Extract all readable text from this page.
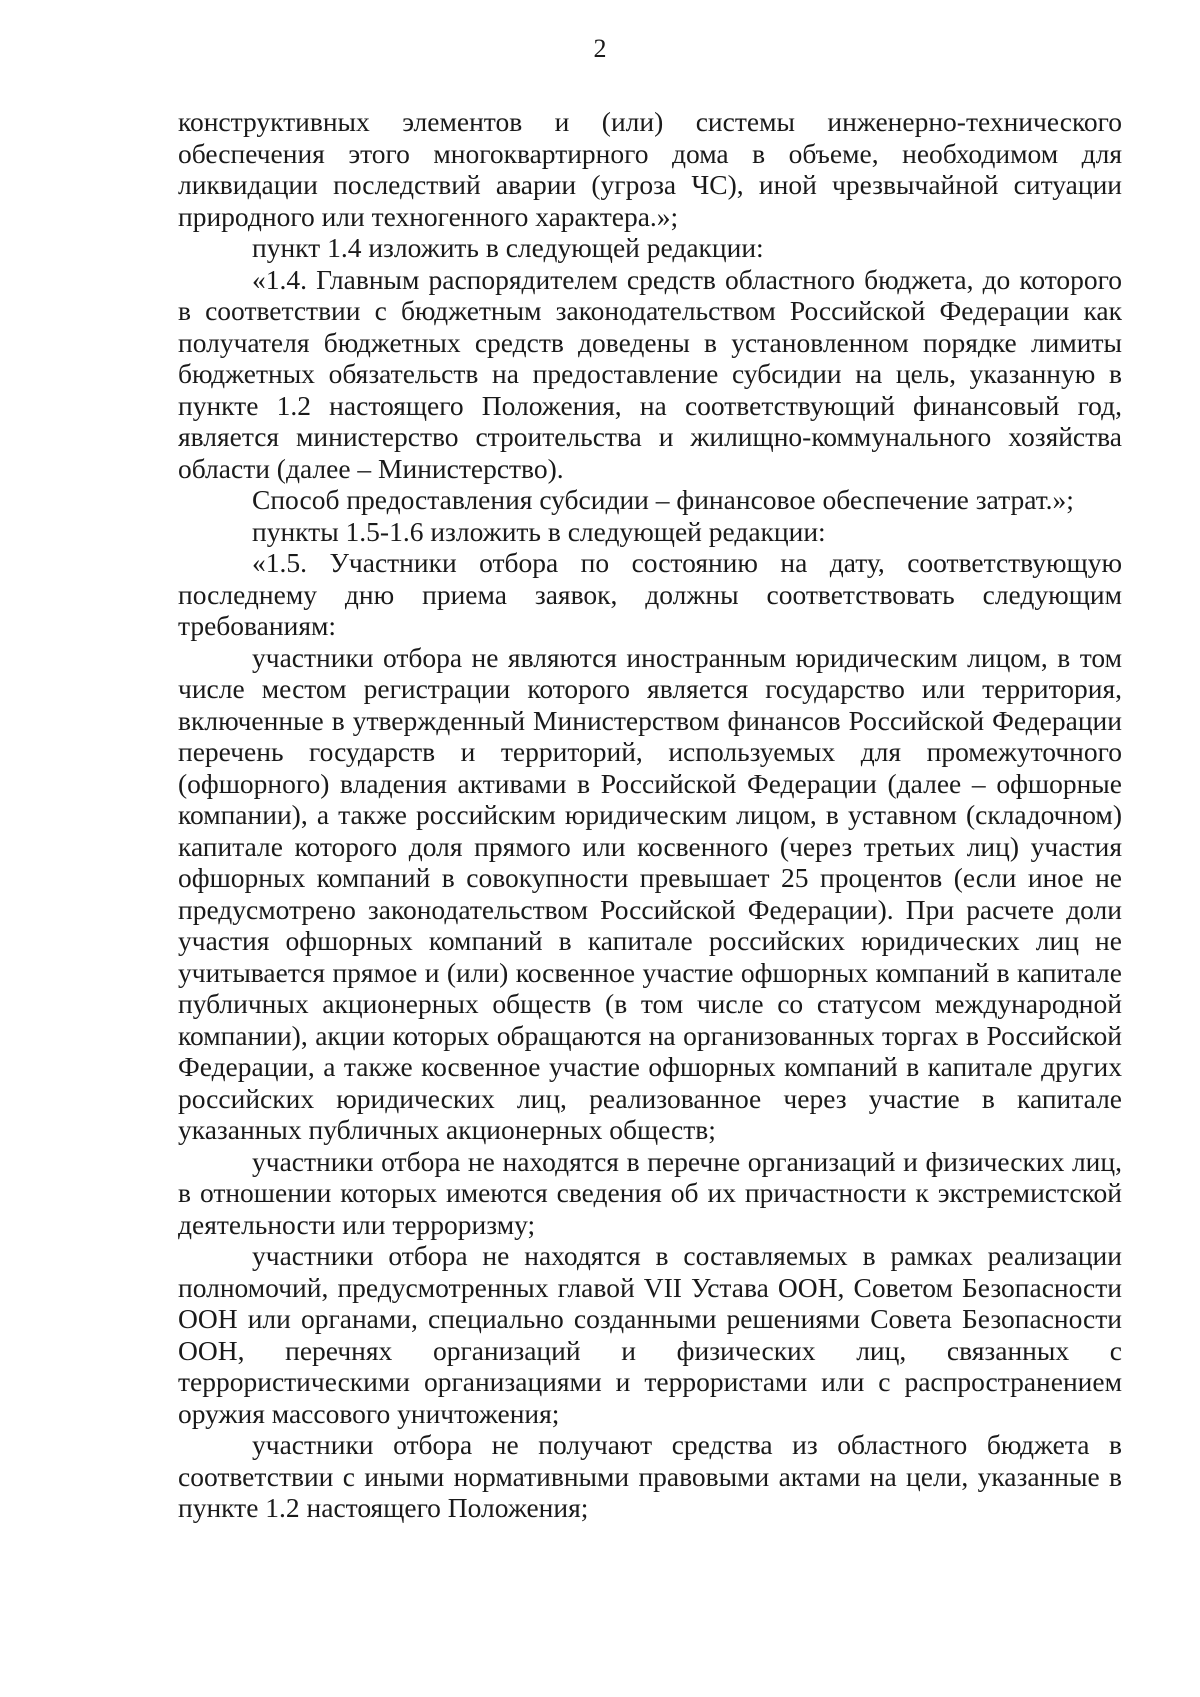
2

конструктивных элементов и (или) системы инженерно-технического обеспечения этого многоквартирного дома в объеме, необходимом для ликвидации последствий аварии (угроза ЧС), иной чрезвычайной ситуации природного или техногенного характера.»;

пункт 1.4 изложить в следующей редакции:

«1.4. Главным распорядителем средств областного бюджета, до которого в соответствии с бюджетным законодательством Российской Федерации как получателя бюджетных средств доведены в установленном порядке лимиты бюджетных обязательств на предоставление субсидии на цель, указанную в пункте 1.2 настоящего Положения, на соответствующий финансовый год, является министерство строительства и жилищно-коммунального хозяйства области (далее – Министерство).

Способ предоставления субсидии – финансовое обеспечение затрат.»;

пункты 1.5-1.6 изложить в следующей редакции:

«1.5. Участники отбора по состоянию на дату, соответствующую последнему дню приема заявок, должны соответствовать следующим требованиям:

участники отбора не являются иностранным юридическим лицом, в том числе местом регистрации которого является государство или территория, включенные в утвержденный Министерством финансов Российской Федерации перечень государств и территорий, используемых для промежуточного (офшорного) владения активами в Российской Федерации (далее – офшорные компании), а также российским юридическим лицом, в уставном (складочном) капитале которого доля прямого или косвенного (через третьих лиц) участия офшорных компаний в совокупности превышает 25 процентов (если иное не предусмотрено законодательством Российской Федерации). При расчете доли участия офшорных компаний в капитале российских юридических лиц не учитывается прямое и (или) косвенное участие офшорных компаний в капитале публичных акционерных обществ (в том числе со статусом международной компании), акции которых обращаются на организованных торгах в Российской Федерации, а также косвенное участие офшорных компаний в капитале других российских юридических лиц, реализованное через участие в капитале указанных публичных акционерных обществ;

участники отбора не находятся в перечне организаций и физических лиц, в отношении которых имеются сведения об их причастности к экстремистской деятельности или терроризму;

участники отбора не находятся в составляемых в рамках реализации полномочий, предусмотренных главой VII Устава ООН, Советом Безопасности ООН или органами, специально созданными решениями Совета Безопасности ООН, перечнях организаций и физических лиц, связанных с террористическими организациями и террористами или с распространением оружия массового уничтожения;

участники отбора не получают средства из областного бюджета в соответствии с иными нормативными правовыми актами на цели, указанные в пункте 1.2 настоящего Положения;
